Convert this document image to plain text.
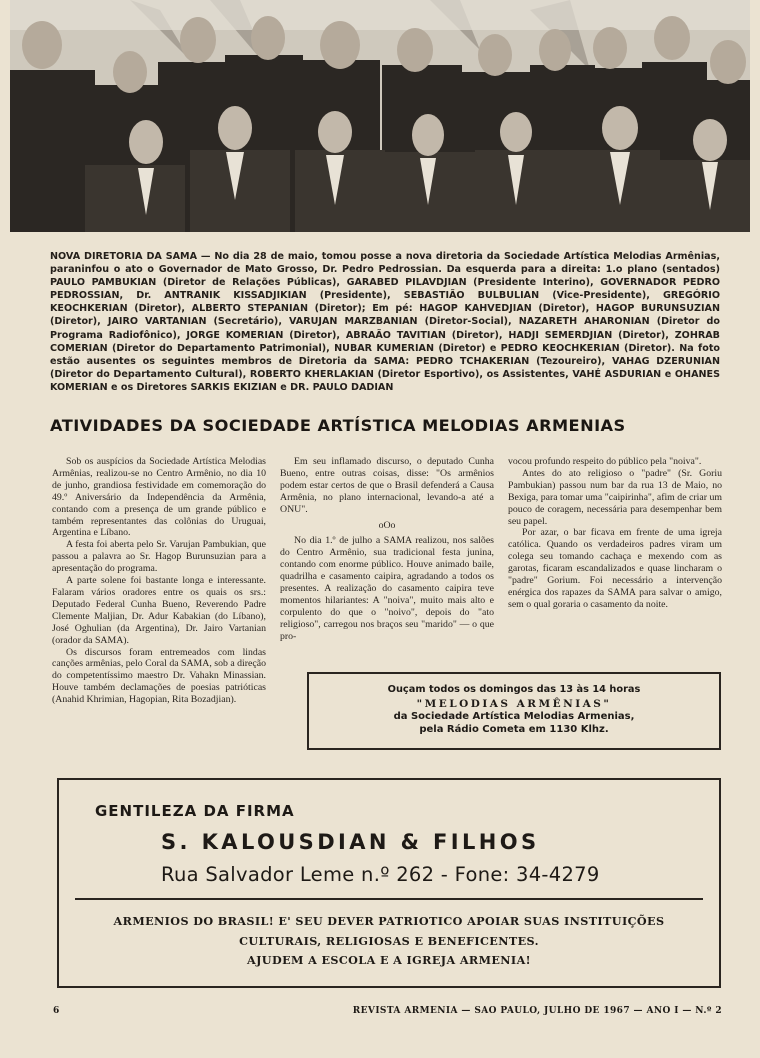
NOVA DIRETORIA DA SAMA — No dia 28 de maio, tomou posse a nova diretoria da Sociedade Artística Melodias Armênias, paraninfou o ato o Governador de Mato Grosso, Dr. Pedro Pedrossian. Da esquerda para a direita: 1.o plano (sentados) PAULO PAMBUKIAN (Diretor de Relações Públicas), GARABED PILAVDJIAN (Presidente Interino), GOVERNADOR PEDRO PEDROSSIAN, Dr. ANTRANIK KISSADJIKIAN (Presidente), SEBASTIÃO BULBULIAN (Vice-Presidente), GREGÓRIO KEOCHKERIAN (Diretor), ALBERTO STEPANIAN (Diretor); Em pé: HAGOP KAHVEDJIAN (Diretor), HAGOP BURUNSUZIAN (Diretor), JAIRO VARTANIAN (Secretário), VARUJAN MARZBANIAN (Diretor-Social), NAZARETH AHARONIAN (Diretor do Programa Radiofônico), JORGE KOMERIAN (Diretor), ABRAÃO TAVITIAN (Diretor), HADJI SEMERDJIAN (Diretor), ZOHRAB COMERIAN (Diretor do Departamento Patrimonial), NUBAR KUMERIAN (Diretor) e PEDRO KEOCHKERIAN (Diretor). Na foto estão ausentes os seguintes membros de Diretoria da SAMA: PEDRO TCHAKERIAN (Tezoureiro), VAHAG DZERUNIAN (Diretor do Departamento Cultural), ROBERTO KHERLAKIAN (Diretor Esportivo), os Assistentes, VAHÉ ASDURIAN e OHANES KOMERIAN e os Diretores SARKIS EKIZIAN e DR. PAULO DADIAN
ATIVIDADES DA SOCIEDADE ARTÍSTICA MELODIAS ARMENIAS

Sob os auspícios da Sociedade Artística Melodias Armênias, realizou-se no Centro Armênio, no dia 10 de junho, grandiosa festividade em comemoração do 49.º Aniversário da Independência da Armênia, contando com a presença de um grande público e também representantes das colônias do Uruguai, Argentina e Líbano.

A festa foi aberta pelo Sr. Varujan Pambukian, que passou a palavra ao Sr. Hagop Burunsuzian para a apresentação do programa.

A parte solene foi bastante longa e interessante. Falaram vários oradores entre os quais os srs.: Deputado Federal Cunha Bueno, Reverendo Padre Clemente Maljian, Dr. Adur Kabakian (do Líbano), José Oghulian (da Argentina), Dr. Jairo Vartanian (orador da SAMA).

Os discursos foram entremeados com lindas canções armênias, pelo Coral da SAMA, sob a direção do competentíssimo maestro Dr. Vahakn Minassian. Houve também declamações de poesias patrióticas (Anahid Khrimian, Hagopian, Rita Bozadjian).

Em seu inflamado discurso, o deputado Cunha Bueno, entre outras coisas, disse: "Os armênios podem estar certos de que o Brasil defenderá a Causa Armênia, no plano internacional, levando-a até a ONU".

oOo

No dia 1.º de julho a SAMA realizou, nos salões do Centro Armênio, sua tradicional festa junina, contando com enorme público. Houve animado baile, quadrilha e casamento caipira, agradando a todos os presentes. A realização do casamento caipira teve momentos hilariantes: A "noiva", muito mais alto e corpulento do que o "noivo", depois do "ato religioso", carregou nos braços seu "marido" — o que pro-

vocou profundo respeito do público pela "noiva".

Antes do ato religioso o "padre" (Sr. Goriu Pambukian) passou num bar da rua 13 de Maio, no Bexiga, para tomar uma "caipirinha", afim de criar um pouco de coragem, necessária para desempenhar bem seu papel.

Por azar, o bar ficava em frente de uma igreja católica. Quando os verdadeiros padres viram um colega seu tomando cachaça e mexendo com as garotas, ficaram escandalizados e quase lincharam o "padre" Gorium. Foi necessário a intervenção enérgica dos rapazes da SAMA para salvar o amigo, sem o qual goraria o casamento da noite.

Ouçam todos os domingos das 13 às 14 horas
"MELODIAS ARMÊNIAS"
da Sociedade Artística Melodias Armenias,
pela Rádio Cometa em 1130 Klhz.
GENTILEZA DA FIRMA
S. KALOUSDIAN & FILHOS
Rua Salvador Leme n.º 262 - Fone: 34-4279
ARMENIOS DO BRASIL! E' SEU DEVER PATRIOTICO APOIAR SUAS INSTITUIÇÕES
CULTURAIS, RELIGIOSAS E BENEFICENTES.
AJUDEM A ESCOLA E A IGREJA ARMENIA!
6	REVISTA ARMENIA — SAO PAULO, JULHO DE 1967 — ANO I — N.º 2
